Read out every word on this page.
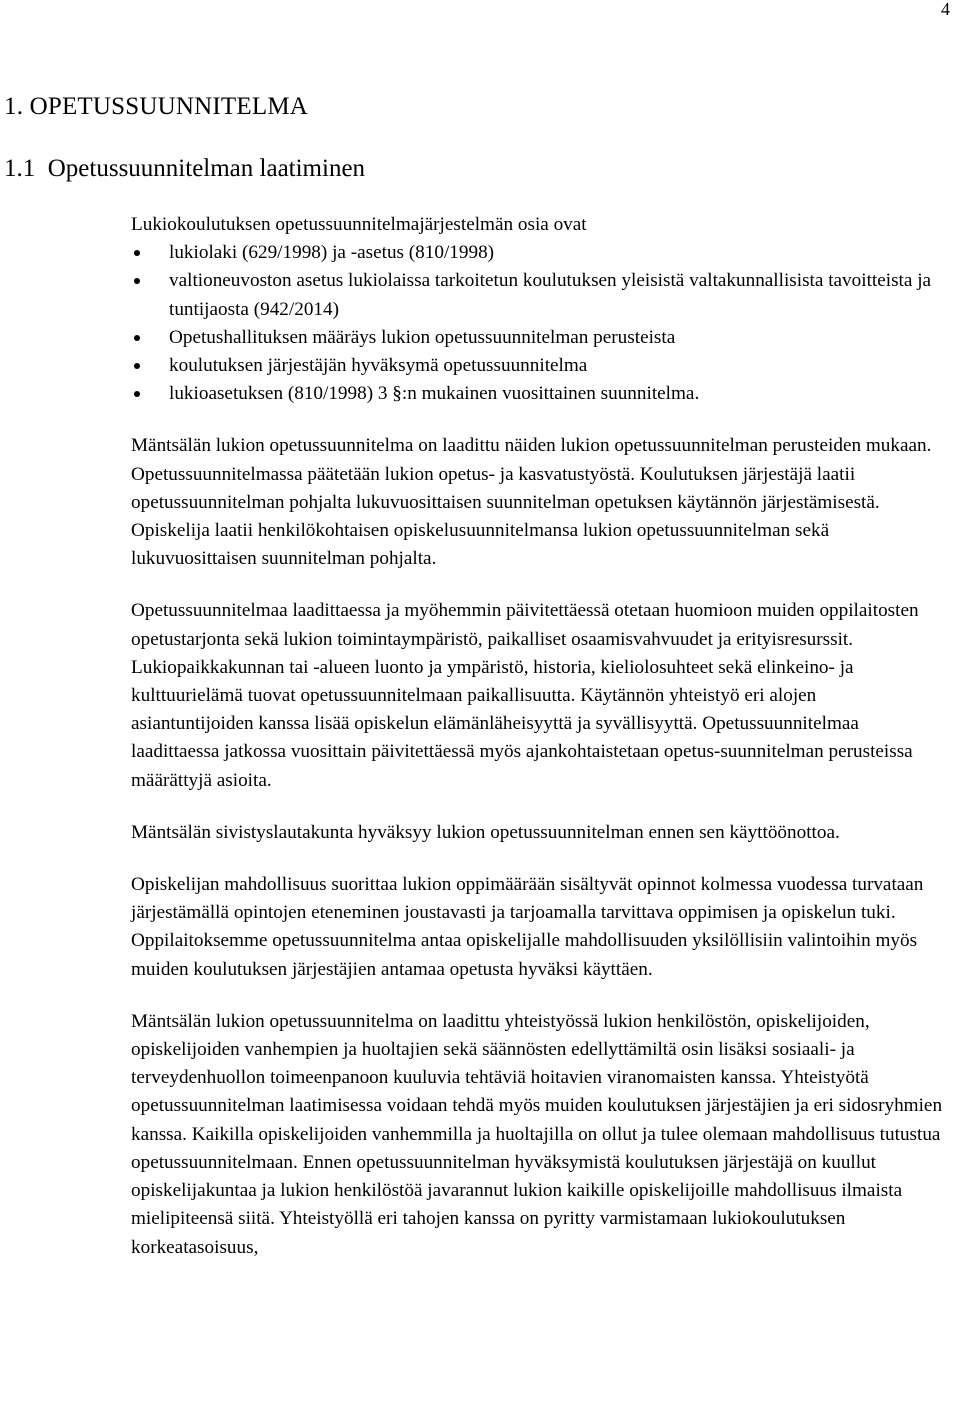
4
1. OPETUSSUUNNITELMA
1.1  Opetussuunnitelman laatiminen

Lukiokoulutuksen opetussuunnitelmajärjestelmän osia ovat

lukiolaki (629/1998) ja -asetus (810/1998)
valtioneuvoston asetus lukiolaissa tarkoitetun koulutuksen yleisistä valtakunnallisista tavoitteista ja tuntijaosta (942/2014)
Opetushallituksen määräys lukion opetussuunnitelman perusteista
koulutuksen järjestäjän hyväksymä opetussuunnitelma
lukioasetuksen (810/1998) 3 §:n mukainen vuosittainen suunnitelma.

Mäntsälän lukion opetussuunnitelma on laadittu näiden lukion opetussuunnitelman perusteiden mukaan. Opetussuunnitelmassa päätetään lukion opetus- ja kasvatustyöstä. Koulutuksen järjestäjä laatii opetussuunnitelman pohjalta lukuvuosittaisen suunnitelman opetuksen käytännön järjestämisestä. Opiskelija laatii henkilökohtaisen opiskelusuunnitelmansa lukion opetussuunnitelman sekä lukuvuosittaisen suunnitelman pohjalta.

Opetussuunnitelmaa laadittaessa ja myöhemmin päivitettäessä otetaan huomioon muiden oppilaitosten opetustarjonta sekä lukion toimintaympäristö, paikalliset osaamisvahvuudet ja erityisresurssit. Lukiopaikkakunnan tai -alueen luonto ja ympäristö, historia, kieliolosuhteet sekä elinkeino- ja kulttuurielämä tuovat opetussuunnitelmaan paikallisuutta. Käytännön yhteistyö eri alojen asiantuntijoiden kanssa lisää opiskelun elämänläheisyyttä ja syvällisyyttä. Opetussuunnitelmaa laadittaessa jatkossa vuosittain päivitettäessä myös ajankohtaistetaan opetus-suunnitelman perusteissa määrättyjä asioita.

Mäntsälän sivistyslautakunta hyväksyy lukion opetussuunnitelman ennen sen käyttöönottoa.

Opiskelijan mahdollisuus suorittaa lukion oppimäärään sisältyvät opinnot kolmessa vuodessa turvataan järjestämällä opintojen eteneminen joustavasti ja tarjoamalla tarvittava oppimisen ja opiskelun tuki. Oppilaitoksemme opetussuunnitelma antaa opiskelijalle mahdollisuuden yksilöllisiin valintoihin myös muiden koulutuksen järjestäjien antamaa opetusta hyväksi käyttäen.

Mäntsälän lukion opetussuunnitelma on laadittu yhteistyössä lukion henkilöstön, opiskelijoiden, opiskelijoiden vanhempien ja huoltajien sekä säännösten edellyttämiltä osin lisäksi sosiaali- ja terveydenhuollon toimeenpanoon kuuluvia tehtäviä hoitavien viranomaisten kanssa. Yhteistyötä opetussuunnitelman laatimisessa voidaan tehdä myös muiden koulutuksen järjestäjien ja eri sidosryhmien kanssa. Kaikilla opiskelijoiden vanhemmilla ja huoltajilla on ollut ja tulee olemaan mahdollisuus tutustua opetussuunnitelmaan. Ennen opetussuunnitelman hyväksymistä koulutuksen järjestäjä on kuullut opiskelijakuntaa ja lukion henkilöstöä javarannut lukion kaikille opiskelijoille mahdollisuus ilmaista mielipiteensä siitä. Yhteistyöllä eri tahojen kanssa on pyritty varmistamaan lukiokoulutuksen korkeatasoisuus,
